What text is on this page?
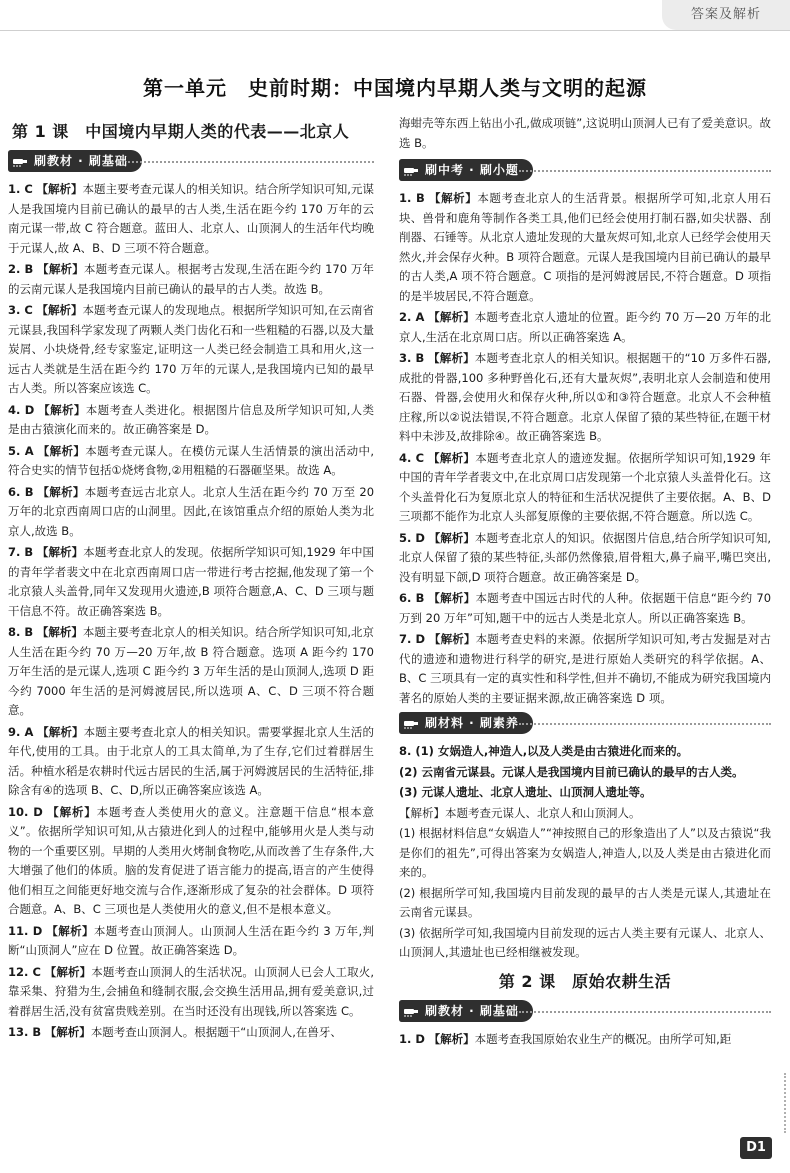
答案及解析
第一单元　史前时期：中国境内早期人类与文明的起源
第 1 课　中国境内早期人类的代表——北京人
刷教材 · 刷基础
1. C 【解析】本题主要考查元谋人的相关知识。结合所学知识可知,元谋人是我国境内目前已确认的最早的古人类,生活在距今约 170 万年的云南元谋一带,故 C 符合题意。蓝田人、北京人、山顶洞人的生活年代均晚于元谋人,故 A、B、D 三项不符合题意。
2. B 【解析】本题考查元谋人。根据考古发现,生活在距今约 170 万年的云南元谋人是我国境内目前已确认的最早的古人类。故选 B。
3. C 【解析】本题考查元谋人的发现地点。根据所学知识可知,在云南省元谋县,我国科学家发现了两颗人类门齿化石和一些粗糙的石器,以及大量炭屑、小块烧骨,经专家鉴定,证明这一人类已经会制造工具和用火,这一远古人类就是生活在距今约 170 万年的元谋人,是我国境内已知的最早古人类。所以答案应该选 C。
4. D 【解析】本题考查人类进化。根据图片信息及所学知识可知,人类是由古猿演化而来的。故正确答案是 D。
5. A 【解析】本题考查元谋人。在模仿元谋人生活情景的演出活动中,符合史实的情节包括①烧烤食物,②用粗糙的石器砸坚果。故选 A。
6. B 【解析】本题考查远古北京人。北京人生活在距今约 70 万至 20 万年的北京西南周口店的山洞里。因此,在该馆重点介绍的原始人类为北京人,故选 B。
7. B 【解析】本题考查北京人的发现。依据所学知识可知,1929 年中国的青年学者裴文中在北京西南周口店一带进行考古挖掘,他发现了第一个北京猿人头盖骨,同年又发现用火遗迹,B 项符合题意,A、C、D 三项与题干信息不符。故正确答案选 B。
8. B 【解析】本题主要考查北京人的相关知识。结合所学知识可知,北京人生活在距今约 70 万—20 万年,故 B 符合题意。选项 A 距今约 170 万年生活的是元谋人,选项 C 距今约 3 万年生活的是山顶洞人,选项 D 距今约 7000 年生活的是河姆渡居民,所以选项 A、C、D 三项不符合题意。
9. A 【解析】本题主要考查北京人的相关知识。需要掌握北京人生活的年代,使用的工具。由于北京人的工具太简单,为了生存,它们过着群居生活。种植水稻是农耕时代远古居民的生活,属于河姆渡居民的生活特征,排除含有④的选项 B、C、D,所以正确答案应该选 A。
10. D 【解析】本题考查人类使用火的意义。注意题干信息“根本意义”。依据所学知识可知,从古猿进化到人的过程中,能够用火是人类与动物的一个重要区别。早期的人类用火烤制食物吃,从而改善了生存条件,大大增强了他们的体质。脑的发育促进了语言能力的提高,语言的产生使得他们相互之间能更好地交流与合作,逐渐形成了复杂的社会群体。D 项符合题意。A、B、C 三项也是人类使用火的意义,但不是根本意义。
11. D 【解析】本题考查山顶洞人。山顶洞人生活在距今约 3 万年,判断“山顶洞人”应在 D 位置。故正确答案选 D。
12. C 【解析】本题考查山顶洞人的生活状况。山顶洞人已会人工取火,靠采集、狩猎为生,会捕鱼和缝制衣服,会交换生活用品,拥有爱美意识,过着群居生活,没有贫富贵贱差别。在当时还没有出现钱,所以答案选 C。
13. B 【解析】本题考查山顶洞人。根据题干“山顶洞人,在兽牙、
海蚶壳等东西上钻出小孔,做成项链”,这说明山顶洞人已有了爱美意识。故选 B。
刷中考 · 刷小题
1. B 【解析】本题考查北京人的生活背景。根据所学可知,北京人用石块、兽骨和鹿角等制作各类工具,他们已经会使用打制石器,如尖状器、刮削器、石锤等。从北京人遗址发现的大量灰烬可知,北京人已经学会使用天然火,并会保存火种。B 项符合题意。元谋人是我国境内目前已确认的最早的古人类,A 项不符合题意。C 项指的是河姆渡居民,不符合题意。D 项指的是半坡居民,不符合题意。
2. A 【解析】本题考查北京人遗址的位置。距今约 70 万—20 万年的北京人,生活在北京周口店。所以正确答案选 A。
3. B 【解析】本题考查北京人的相关知识。根据题干的“10 万多件石器,成批的骨器,100 多种野兽化石,还有大量灰烬”,表明北京人会制造和使用石器、骨器,会使用火和保存火种,所以①和③符合题意。北京人不会种植庄稼,所以②说法错误,不符合题意。北京人保留了猿的某些特征,在题干材料中未涉及,故排除④。故正确答案选 B。
4. C 【解析】本题考查北京人的遗迹发掘。依据所学知识可知,1929 年中国的青年学者裴文中,在北京周口店发现第一个北京猿人头盖骨化石。这个头盖骨化石为复原北京人的特征和生活状况提供了主要依据。A、B、D 三项都不能作为北京人头部复原像的主要依据,不符合题意。所以选 C。
5. D 【解析】本题考查北京人的知识。依据图片信息,结合所学知识可知,北京人保留了猿的某些特征,头部仍然像猿,眉骨粗大,鼻子扁平,嘴巴突出,没有明显下颌,D 项符合题意。故正确答案是 D。
6. B 【解析】本题考查中国远古时代的人种。依据题干信息“距今约 70 万到 20 万年”可知,题干中的远古人类是北京人。所以正确答案选 B。
7. D 【解析】本题考查史料的来源。依据所学知识可知,考古发掘是对古代的遗迹和遗物进行科学的研究,是进行原始人类研究的科学依据。A、B、C 三项具有一定的真实性和科学性,但并不确切,不能成为研究我国境内著名的原始人类的主要证据来源,故正确答案选 D 项。
刷材料 · 刷素养
8. (1) 女娲造人,神造人,以及人类是由古猿进化而来的。
(2) 云南省元谋县。元谋人是我国境内目前已确认的最早的古人类。
(3) 元谋人遗址、北京人遗址、山顶洞人遗址等。
【解析】本题考查元谋人、北京人和山顶洞人。
(1) 根据材料信息“女娲造人”“神按照自己的形象造出了人”以及古猿说“我是你们的祖先”,可得出答案为女娲造人,神造人,以及人类是由古猿进化而来的。
(2) 根据所学可知,我国境内目前发现的最早的古人类是元谋人,其遗址在云南省元谋县。
(3) 依据所学可知,我国境内目前发现的远古人类主要有元谋人、北京人、山顶洞人,其遗址也已经相继被发现。
第 2 课　原始农耕生活
刷教材 · 刷基础
1. D 【解析】本题考查我国原始农业生产的概况。由所学可知,距
D1
